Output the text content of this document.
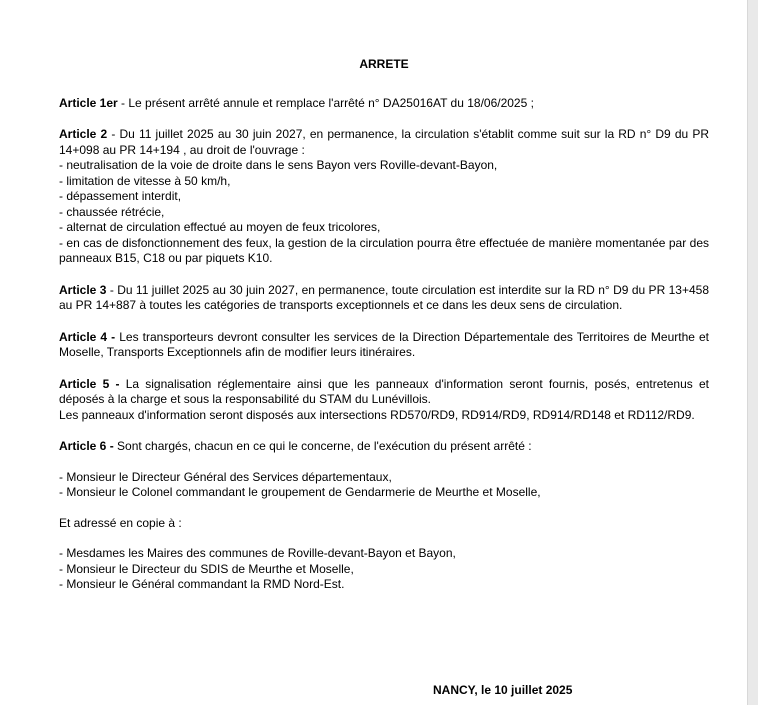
ARRETE

Article 1er - Le présent arrêté annule et remplace l'arrêté n° DA25016AT du 18/06/2025 ;

Article 2 - Du 11 juillet 2025 au 30 juin 2027, en permanence, la circulation s'établit comme suit sur la RD n° D9 du PR 14+098 au PR 14+194 , au droit de l'ouvrage :

- neutralisation de la voie de droite dans le sens Bayon vers Roville-devant-Bayon,

- limitation de vitesse à 50 km/h,

- dépassement interdit,

- chaussée rétrécie,

- alternat de circulation effectué au moyen de feux tricolores,

- en cas de disfonctionnement des feux, la gestion de la circulation pourra être effectuée de manière momentanée par des panneaux B15, C18 ou par piquets K10.

Article 3 - Du 11 juillet 2025 au 30 juin 2027, en permanence, toute circulation est interdite sur la RD n° D9 du PR 13+458 au PR 14+887 à toutes les catégories de transports exceptionnels et ce dans les deux sens de circulation.

Article 4 - Les transporteurs devront consulter les services de la Direction Départementale des Territoires de Meurthe et Moselle, Transports Exceptionnels afin de modifier leurs itinéraires.

Article 5 - La signalisation réglementaire ainsi que les panneaux d'information seront fournis, posés, entretenus et déposés à la charge et sous la responsabilité du STAM du Lunévillois.

Les panneaux d'information seront disposés aux intersections RD570/RD9, RD914/RD9, RD914/RD148 et RD112/RD9.

Article 6 - Sont chargés, chacun en ce qui le concerne, de l'exécution du présent arrêté :

- Monsieur le Directeur Général des Services départementaux,

- Monsieur le Colonel commandant le groupement de Gendarmerie de Meurthe et Moselle,

Et adressé en copie à :

- Mesdames les Maires des communes de Roville-devant-Bayon et Bayon,

- Monsieur le Directeur du SDIS de Meurthe et Moselle,

- Monsieur le Général commandant la RMD Nord-Est.

NANCY, le 10 juillet 2025
